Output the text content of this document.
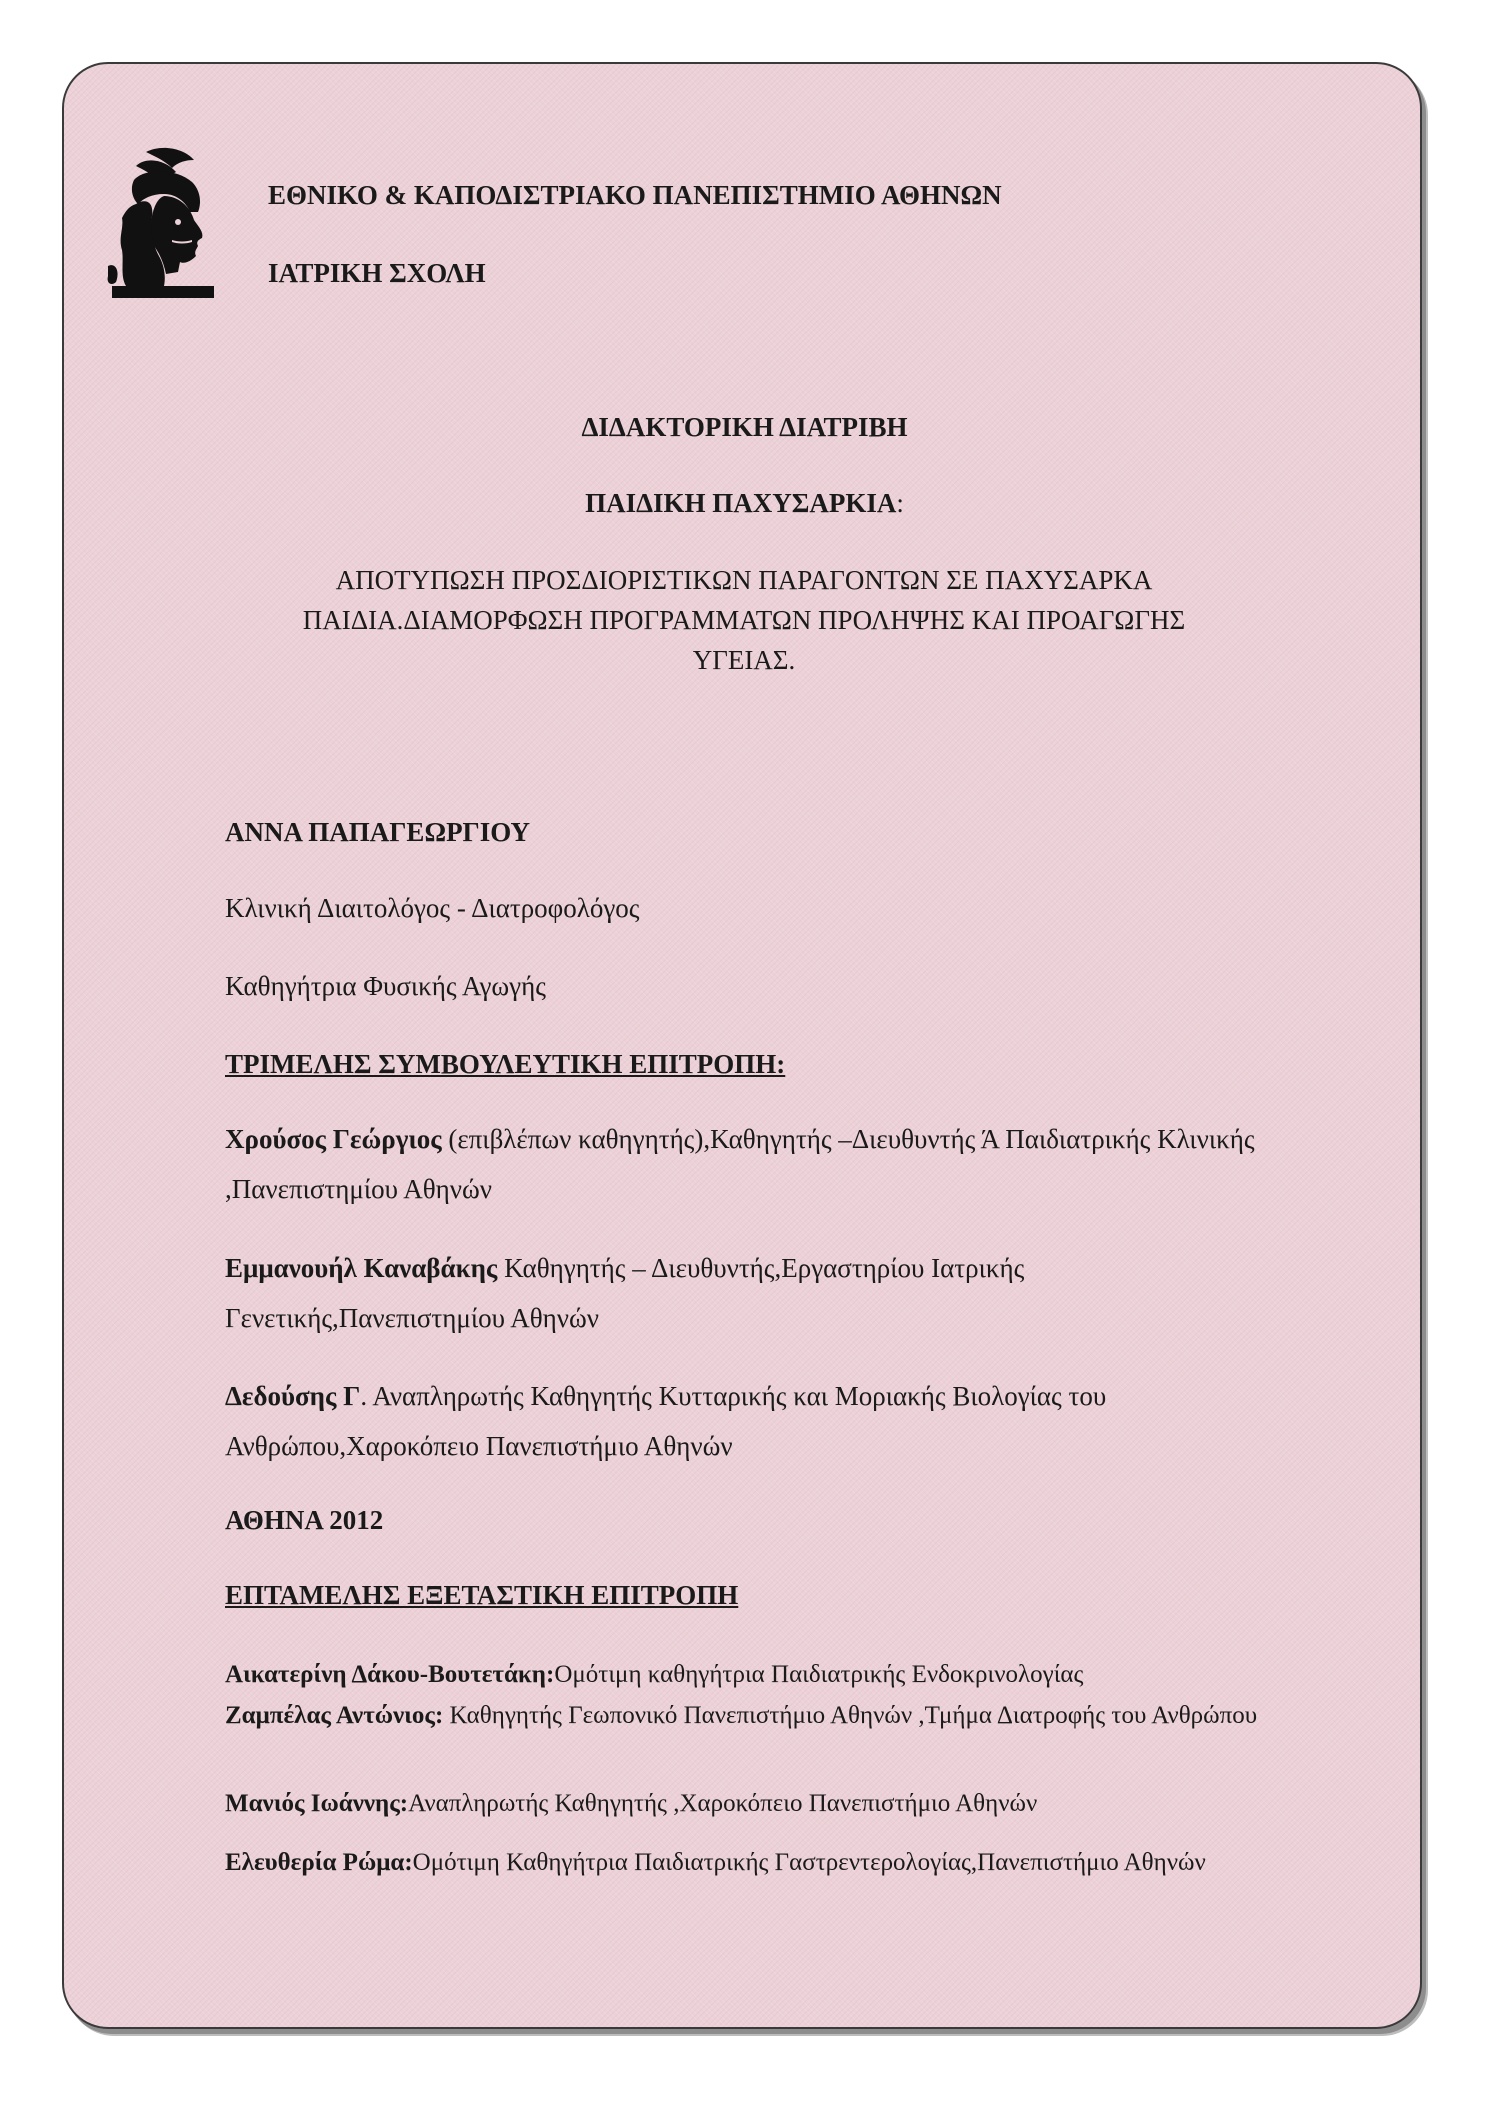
ΕΘΝΙΚΟ & ΚΑΠΟΔΙΣΤΡΙΑΚΟ ΠΑΝΕΠΙΣΤΗΜΙΟ ΑΘΗΝΩΝ
ΙΑΤΡΙΚΗ ΣΧΟΛΗ
ΔΙΔΑΚΤΟΡΙΚΗ ΔΙΑΤΡΙΒΗ
ΠΑΙΔΙΚΗ ΠΑΧΥΣΑΡΚΙΑ:
ΑΠΟΤΥΠΩΣΗ ΠΡΟΣΔΙΟΡΙΣΤΙΚΩΝ ΠΑΡΑΓΟΝΤΩΝ ΣΕ ΠΑΧΥΣΑΡΚΑ
ΠΑΙΔΙΑ.ΔΙΑΜΟΡΦΩΣΗ ΠΡΟΓΡΑΜΜΑΤΩΝ ΠΡΟΛΗΨΗΣ ΚΑΙ ΠΡΟΑΓΩΓΗΣ
ΥΓΕΙΑΣ.
ΑΝΝΑ ΠΑΠΑΓΕΩΡΓΙΟΥ
Κλινική Διαιτολόγος - Διατροφολόγος
Καθηγήτρια Φυσικής Αγωγής
ΤΡΙΜΕΛΗΣ ΣΥΜΒΟΥΛΕΥΤΙΚΗ ΕΠΙΤΡΟΠΗ:
Χρούσος Γεώργιος (επιβλέπων καθηγητής),Καθηγητής –Διευθυντής Ά Παιδιατρικής Κλινικής ,Πανεπιστημίου Αθηνών
Εμμανουήλ Καναβάκης Καθηγητής – Διευθυντής,Εργαστηρίου Ιατρικής Γενετικής,Πανεπιστημίου Αθηνών
Δεδούσης Γ. Αναπληρωτής Καθηγητής Κυτταρικής και Μοριακής Βιολογίας του Ανθρώπου,Χαροκόπειο Πανεπιστήμιο Αθηνών
ΑΘΗΝΑ 2012
ΕΠΤΑΜΕΛΗΣ ΕΞΕΤΑΣΤΙΚΗ ΕΠΙΤΡΟΠΗ
Αικατερίνη Δάκου-Βουτετάκη:Ομότιμη καθηγήτρια Παιδιατρικής Ενδοκρινολογίας
Ζαμπέλας Αντώνιος: Καθηγητής Γεωπονικό Πανεπιστήμιο Αθηνών ,Τμήμα Διατροφής του Ανθρώπου
Μανιός Ιωάννης:Αναπληρωτής Καθηγητής ,Χαροκόπειο Πανεπιστήμιο Αθηνών
Ελευθερία Ρώμα:Ομότιμη Καθηγήτρια Παιδιατρικής Γαστρεντερολογίας,Πανεπιστήμιο Αθηνών
